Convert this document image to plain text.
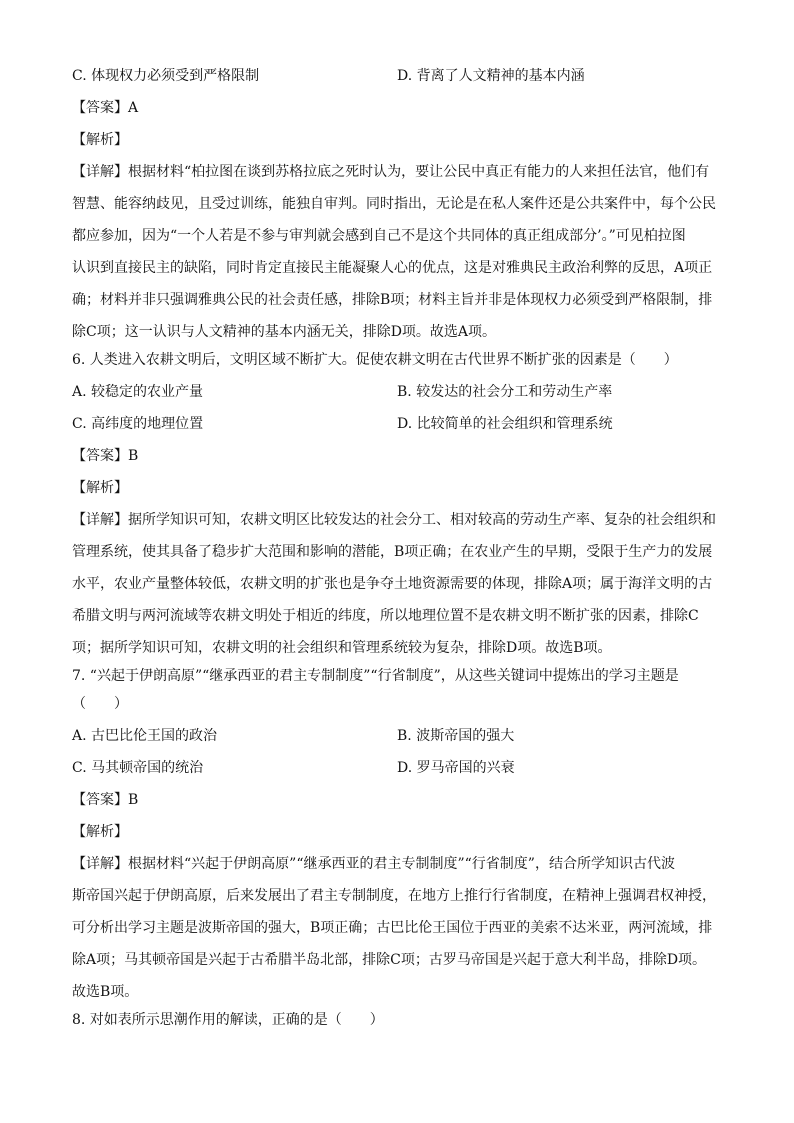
C. 体现权力必须受到严格限制	D. 背离了人文精神的基本内涵
【答案】A
【解析】
【详解】根据材料“柏拉图在谈到苏格拉底之死时认为，要让公民中真正有能力的人来担任法官，他们有
智慧、能容纳歧见，且受过训练，能独自审判。同时指出，无论是在私人案件还是公共案件中，每个公民
都应参加，因为“一个人若是不参与审判就会感到自己不是这个共同体的真正组成部分’。”可见柏拉图
认识到直接民主的缺陷，同时肯定直接民主能凝聚人心的优点，这是对雅典民主政治利弊的反思，A项正
确；材料并非只强调雅典公民的社会责任感，排除B项；材料主旨并非是体现权力必须受到严格限制，排
除C项；这一认识与人文精神的基本内涵无关，排除D项。故选A项。
6. 人类进入农耕文明后，文明区域不断扩大。促使农耕文明在古代世界不断扩张的因素是（　　）
A. 较稳定的农业产量	B. 较发达的社会分工和劳动生产率
C. 高纬度的地理位置	D. 比较简单的社会组织和管理系统
【答案】B
【解析】
【详解】据所学知识可知，农耕文明区比较发达的社会分工、相对较高的劳动生产率、复杂的社会组织和
管理系统，使其具备了稳步扩大范围和影响的潜能，B项正确；在农业产生的早期，受限于生产力的发展
水平，农业产量整体较低，农耕文明的扩张也是争夺土地资源需要的体现，排除A项；属于海洋文明的古
希腊文明与两河流域等农耕文明处于相近的纬度，所以地理位置不是农耕文明不断扩张的因素，排除C
项；据所学知识可知，农耕文明的社会组织和管理系统较为复杂，排除D项。故选B项。
7. “兴起于伊朗高原”“继承西亚的君主专制制度”“行省制度”，从这些关键词中提炼出的学习主题是
（　　）
A. 古巴比伦王国的政治	B. 波斯帝国的强大
C. 马其顿帝国的统治	D. 罗马帝国的兴衰
【答案】B
【解析】
【详解】根据材料“兴起于伊朗高原”“继承西亚的君主专制制度”“行省制度”，结合所学知识古代波
斯帝国兴起于伊朗高原，后来发展出了君主专制制度，在地方上推行行省制度，在精神上强调君权神授，
可分析出学习主题是波斯帝国的强大，B项正确；古巴比伦王国位于西亚的美索不达米亚，两河流域，排
除A项；马其顿帝国是兴起于古希腊半岛北部，排除C项；古罗马帝国是兴起于意大利半岛，排除D项。
故选B项。
8. 对如表所示思潮作用的解读，正确的是（　　）
